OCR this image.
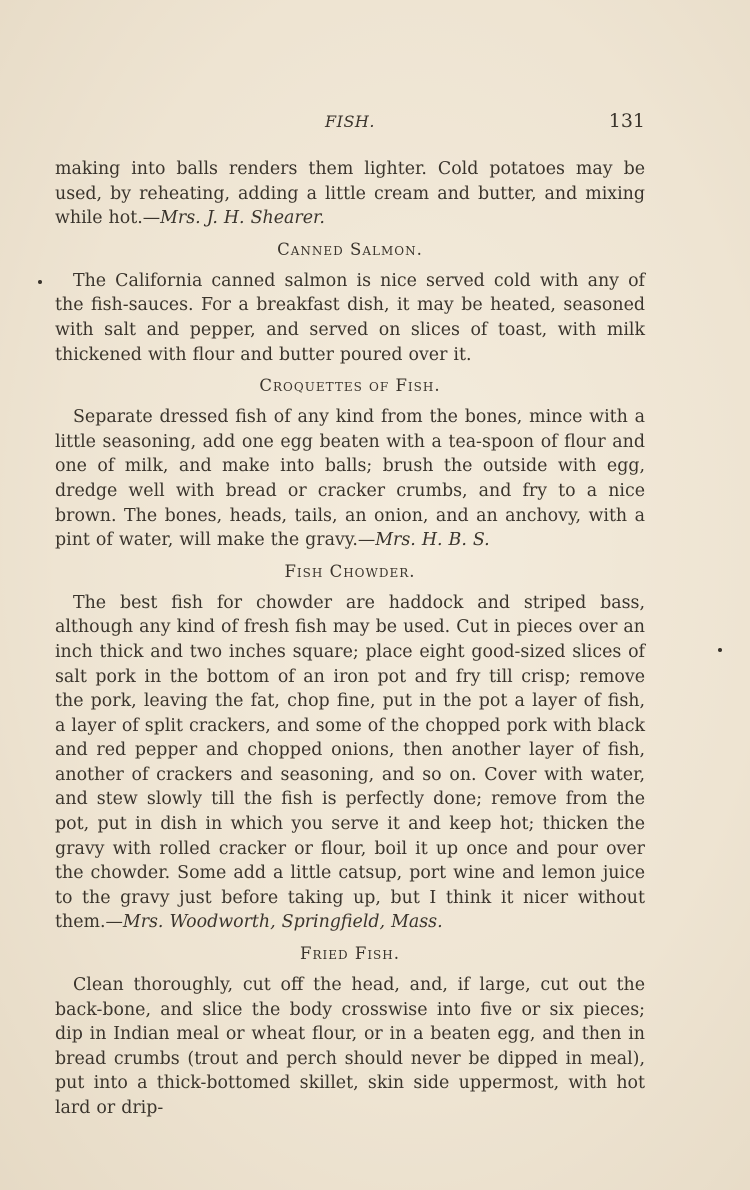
FISH.	131

making into balls renders them lighter. Cold potatoes may be used, by reheating, adding a little cream and butter, and mixing while hot.—Mrs. J. H. Shearer.

Canned Salmon.

The California canned salmon is nice served cold with any of the fish-sauces. For a breakfast dish, it may be heated, seasoned with salt and pepper, and served on slices of toast, with milk thickened with flour and butter poured over it.

Croquettes of Fish.

Separate dressed fish of any kind from the bones, mince with a little seasoning, add one egg beaten with a tea-spoon of flour and one of milk, and make into balls; brush the outside with egg, dredge well with bread or cracker crumbs, and fry to a nice brown. The bones, heads, tails, an onion, and an anchovy, with a pint of water, will make the gravy.—Mrs. H. B. S.

Fish Chowder.

The best fish for chowder are haddock and striped bass, although any kind of fresh fish may be used. Cut in pieces over an inch thick and two inches square; place eight good-sized slices of salt pork in the bottom of an iron pot and fry till crisp; remove the pork, leaving the fat, chop fine, put in the pot a layer of fish, a layer of split crackers, and some of the chopped pork with black and red pepper and chopped onions, then another layer of fish, another of crackers and seasoning, and so on. Cover with water, and stew slowly till the fish is perfectly done; remove from the pot, put in dish in which you serve it and keep hot; thicken the gravy with rolled cracker or flour, boil it up once and pour over the chowder. Some add a little catsup, port wine and lemon juice to the gravy just before taking up, but I think it nicer without them.—Mrs. Woodworth, Springfield, Mass.

Fried Fish.

Clean thoroughly, cut off the head, and, if large, cut out the back-bone, and slice the body crosswise into five or six pieces; dip in Indian meal or wheat flour, or in a beaten egg, and then in bread crumbs (trout and perch should never be dipped in meal), put into a thick-bottomed skillet, skin side uppermost, with hot lard or drip-
